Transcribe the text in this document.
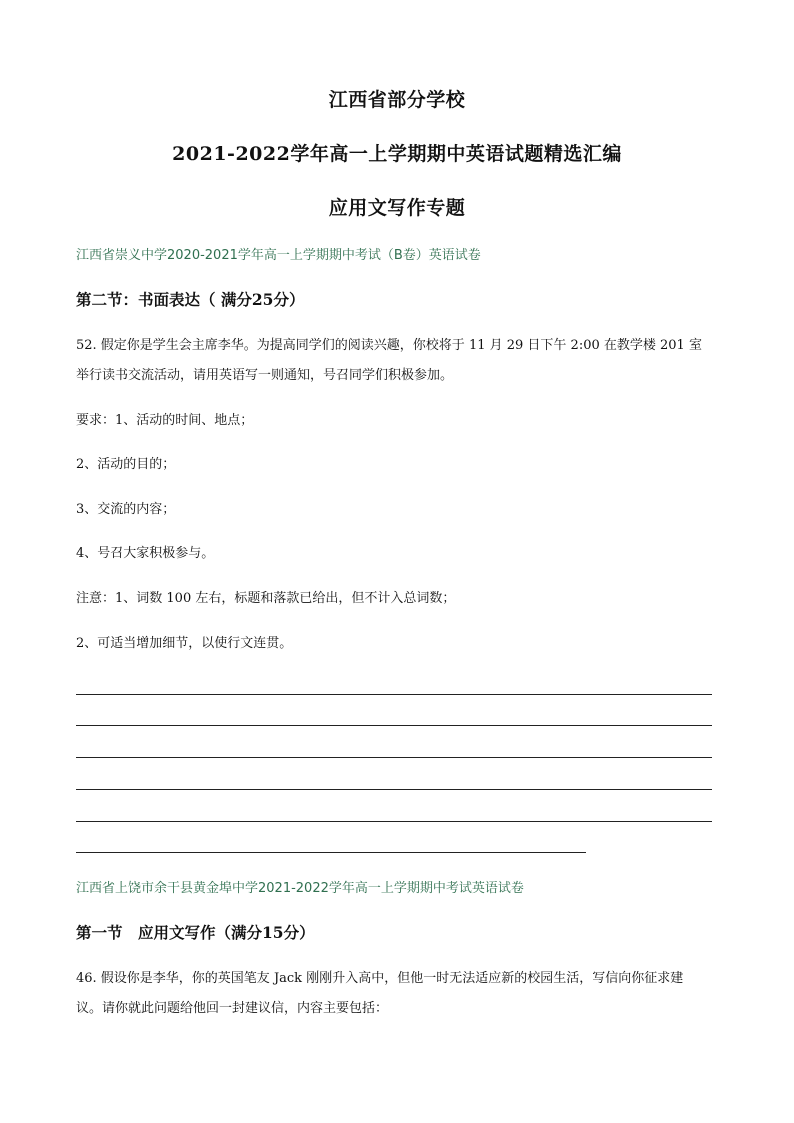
江西省部分学校
2021-2022学年高一上学期期中英语试题精选汇编
应用文写作专题
江西省崇义中学2020-2021学年高一上学期期中考试（B卷）英语试卷
第二节：书面表达（ 满分25分）
52. 假定你是学生会主席李华。为提高同学们的阅读兴趣，你校将于 11 月 29 日下午 2:00 在教学楼 201 室
举行读书交流活动，请用英语写一则通知，号召同学们积极参加。
要求：1、活动的时间、地点；
2、活动的目的；
3、交流的内容；
4、号召大家积极参与。
注意：1、词数 100 左右，标题和落款已给出，但不计入总词数；
2、可适当增加细节，以使行文连贯。
江西省上饶市余干县黄金埠中学2021-2022学年高一上学期期中考试英语试卷
第一节　应用文写作（满分15分）
46. 假设你是李华，你的英国笔友 Jack 刚刚升入高中，但他一时无法适应新的校园生活，写信向你征求建
议。请你就此问题给他回一封建议信，内容主要包括：
